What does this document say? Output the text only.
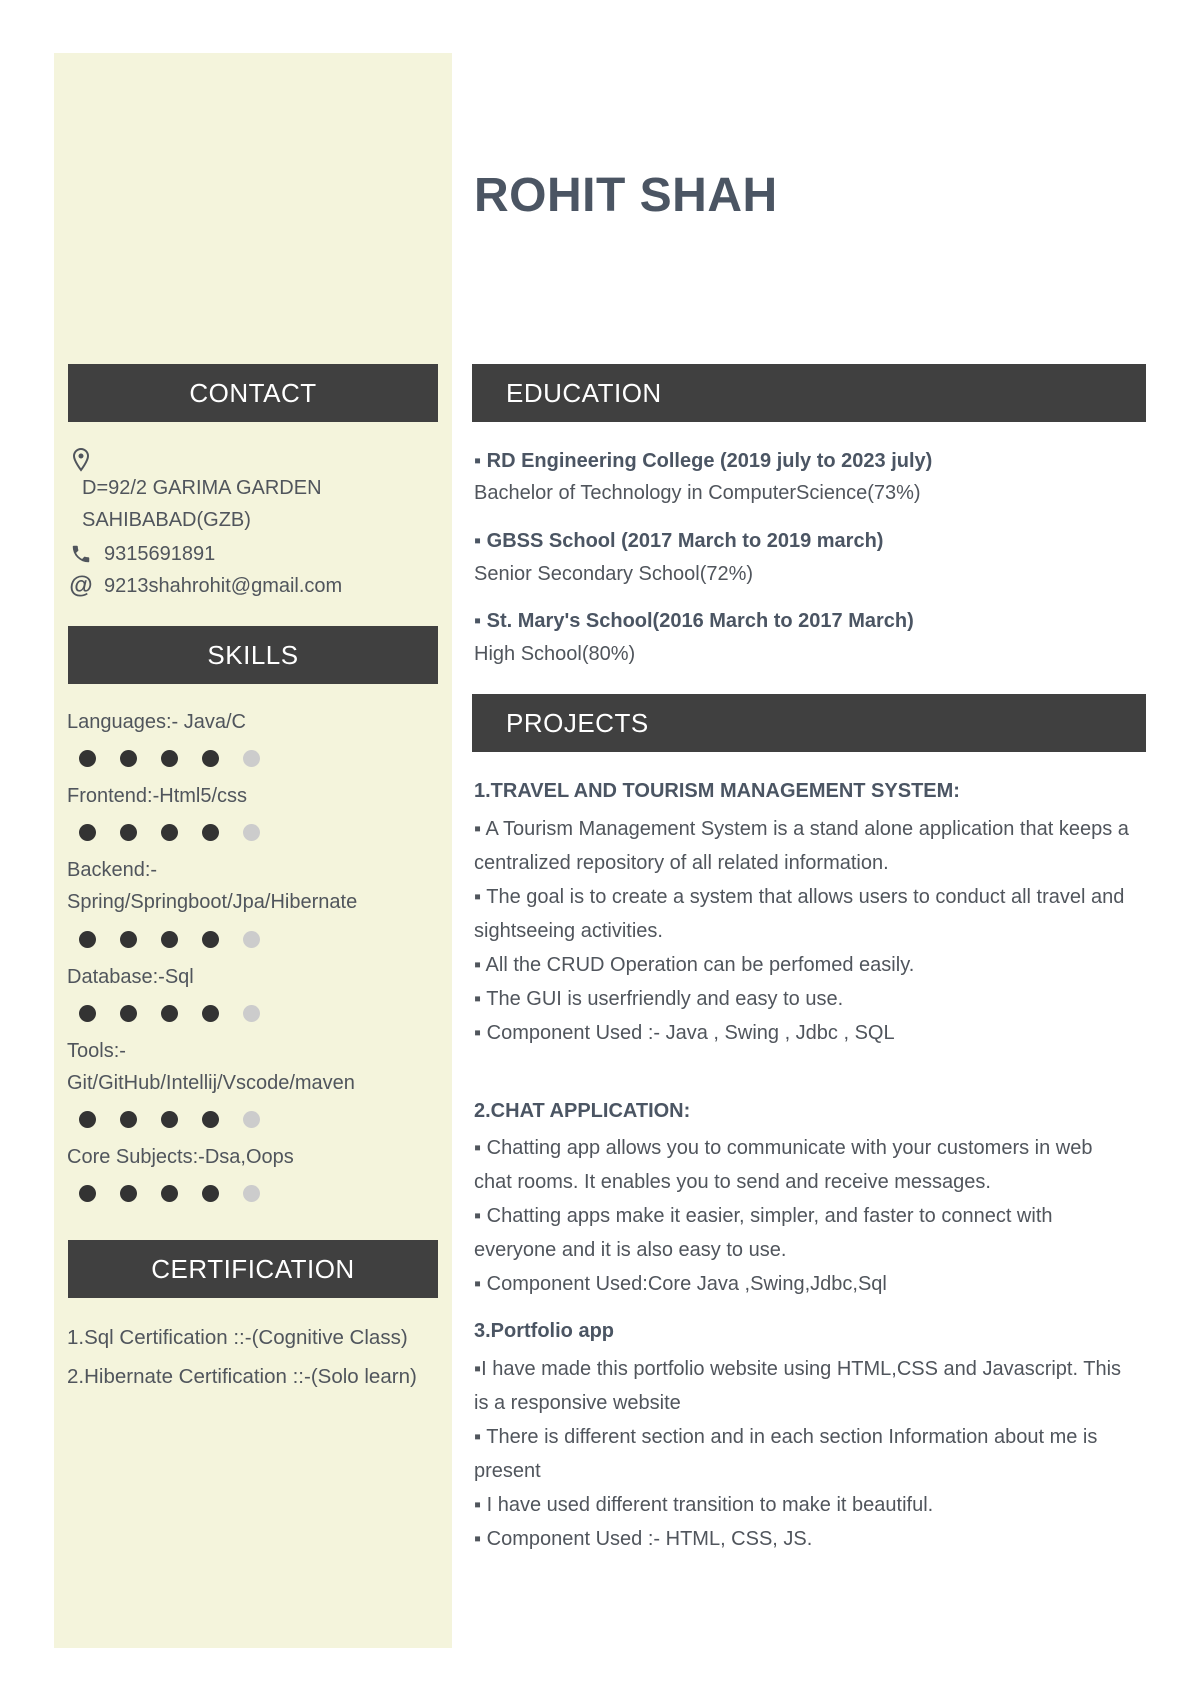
ROHIT SHAH
CONTACT
D=92/2 GARIMA GARDEN
SAHIBABAD(GZB)
9315691891
@ 9213shahrohit@gmail.com
SKILLS
Languages:- Java/C
Frontend:-Html5/css
Backend:- Spring/Springboot/Jpa/Hibernate
Database:-Sql
Tools:- Git/GitHub/Intellij/Vscode/maven
Core Subjects:-Dsa,Oops
CERTIFICATION
1.Sql Certification ::-(Cognitive Class)
2.Hibernate Certification ::-(Solo learn)
EDUCATION
▪ RD Engineering College (2019 july to 2023 july)
Bachelor of Technology in ComputerScience(73%)
▪ GBSS School (2017 March to 2019 march)
Senior Secondary School(72%)
▪ St. Mary's School(2016 March to 2017 March)
High School(80%)
PROJECTS
1.TRAVEL AND TOURISM MANAGEMENT SYSTEM:
▪ A Tourism Management System is a stand alone application that keeps a centralized repository of all related information.
▪ The goal is to create a system that allows users to conduct all travel and sightseeing activities.
▪ All the CRUD Operation can be perfomed easily.
▪ The GUI is userfriendly and easy to use.
▪ Component Used :- Java , Swing , Jdbc , SQL
2.CHAT APPLICATION:
▪ Chatting app allows you to communicate with your customers in web chat rooms. It enables you to send and receive messages.
▪ Chatting apps make it easier, simpler, and faster to connect with everyone and it is also easy to use.
▪ Component Used:Core Java ,Swing,Jdbc,Sql
3.Portfolio app
▪I have made this portfolio website using HTML,CSS and Javascript. This is a responsive website
▪ There is different section and in each section Information about me is present
▪ I have used different transition to make it beautiful.
▪ Component Used :- HTML, CSS, JS.
